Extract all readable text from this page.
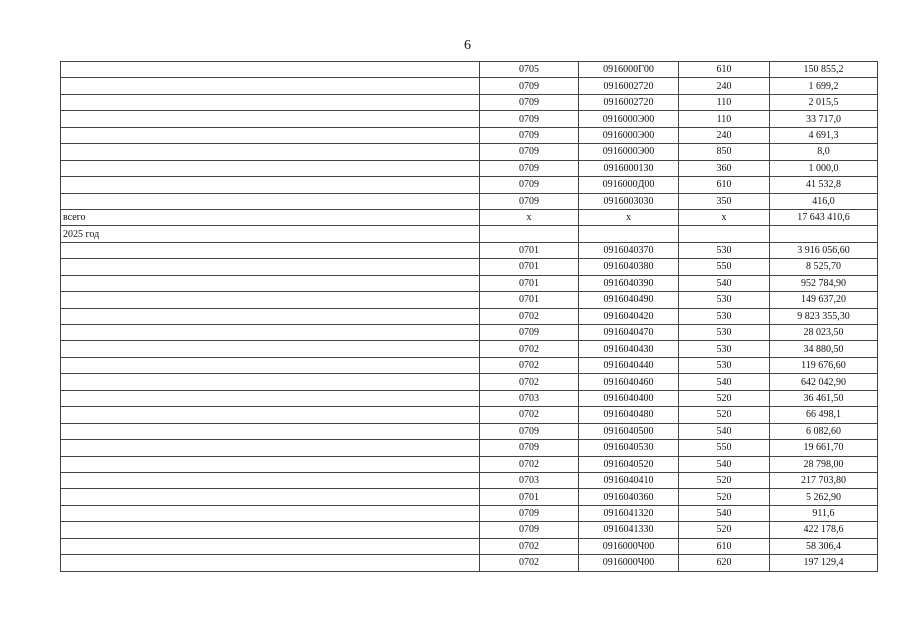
6
	0705	0916000Г00	610	150 855,2
	0709	0916002720	240	1 699,2
	0709	0916002720	110	2 015,5
	0709	0916000Э00	110	33 717,0
	0709	0916000Э00	240	4 691,3
	0709	0916000Э00	850	8,0
	0709	0916000130	360	1 000,0
	0709	0916000Д00	610	41 532,8
	0709	0916003030	350	416,0
всего	х	х	х	17 643 410,6
2025 год				
	0701	0916040370	530	3 916 056,60
	0701	0916040380	550	8 525,70
	0701	0916040390	540	952 784,90
	0701	0916040490	530	149 637,20
	0702	0916040420	530	9 823 355,30
	0709	0916040470	530	28 023,50
	0702	0916040430	530	34 880,50
	0702	0916040440	530	119 676,60
	0702	0916040460	540	642 042,90
	0703	0916040400	520	36 461,50
	0702	0916040480	520	66 498,1
	0709	0916040500	540	6 082,60
	0709	0916040530	550	19 661,70
	0702	0916040520	540	28 798,00
	0703	0916040410	520	217 703,80
	0701	0916040360	520	5 262,90
	0709	0916041320	540	911,6
	0709	0916041330	520	422 178,6
	0702	0916000Ч00	610	58 306,4
	0702	0916000Ч00	620	197 129,4
